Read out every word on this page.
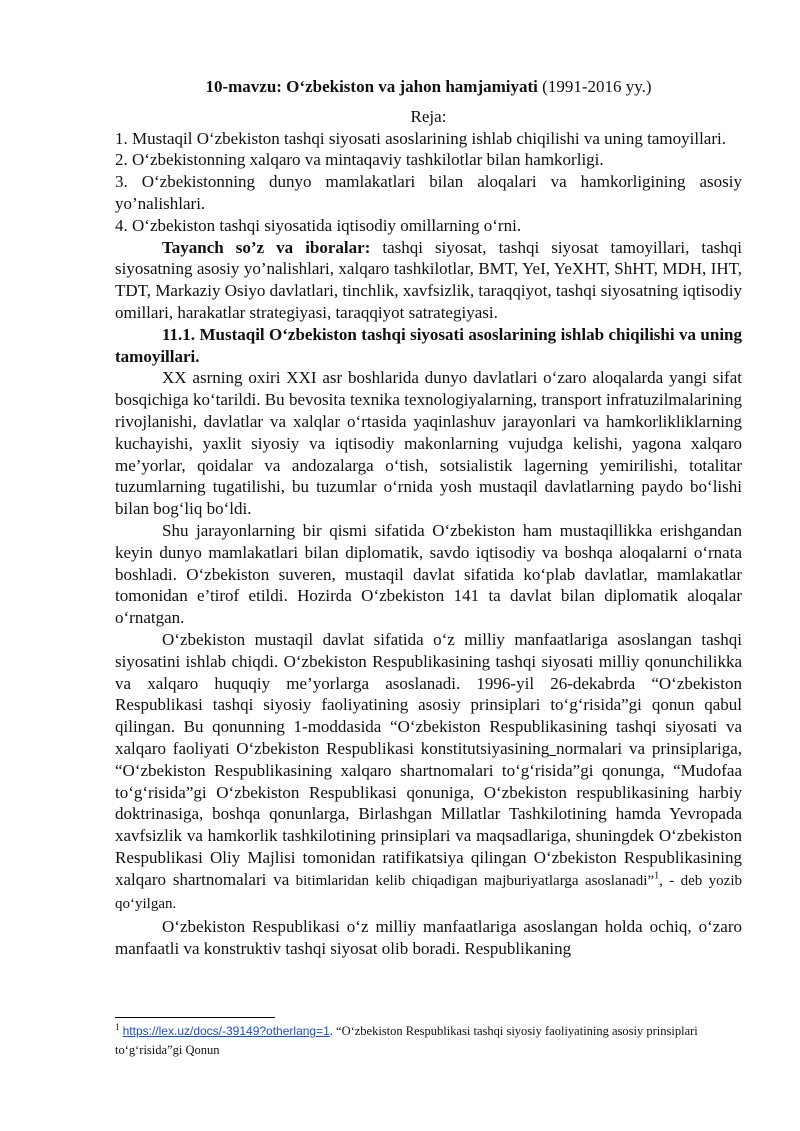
10-mavzu: O‘zbekiston va jahon hamjamiyati (1991-2016 yy.)
Reja:
1. Mustaqil O‘zbekiston tashqi siyosati asoslarining ishlab chiqilishi va uning tamoyillari.
2. O‘zbekistonning xalqaro va mintaqaviy tashkilotlar bilan hamkorligi.
3. O‘zbekistonning dunyo mamlakatlari bilan aloqalari va hamkorligining asosiy yo’nalishlari.
4. O‘zbekiston tashqi siyosatida iqtisodiy omillarning o‘rni.

Tayanch so’z va iboralar: tashqi siyosat, tashqi siyosat tamoyillari, tashqi siyosatning asosiy yo’nalishlari, xalqaro tashkilotlar, BMT, YeI, YeXHT, ShHT, MDH, IHT, TDT, Markaziy Osiyo davlatlari, tinchlik, xavfsizlik, taraqqiyot, tashqi siyosatning iqtisodiy omillari, harakatlar strategiyasi, taraqqiyot satrategiyasi.

11.1. Mustaqil O‘zbekiston tashqi siyosati asoslarining ishlab chiqilishi va uning tamoyillari.

XX asrning oxiri XXI asr boshlarida dunyo davlatlari o‘zaro aloqalarda yangi sifat bosqichiga ko‘tarildi. Bu bevosita texnika texnologiyalarning, transport infratuzilmalarining rivojlanishi, davlatlar va xalqlar o‘rtasida yaqinlashuv jarayonlari va hamkorlikliklarning kuchayishi, yaxlit siyosiy va iqtisodiy makonlarning vujudga kelishi, yagona xalqaro me’yorlar, qoidalar va andozalarga o‘tish, sotsialistik lagerning yemirilishi, totalitar tuzumlarning tugatilishi, bu tuzumlar o‘rnida yosh mustaqil davlatlarning paydo bo‘lishi bilan bog‘liq bo‘ldi.

Shu jarayonlarning bir qismi sifatida O‘zbekiston ham mustaqillikka erishgandan keyin dunyo mamlakatlari bilan diplomatik, savdo iqtisodiy va boshqa aloqalarni o‘rnata boshladi. O‘zbekiston suveren, mustaqil davlat sifatida ko‘plab davlatlar, mamlakatlar tomonidan e’tirof etildi. Hozirda O‘zbekiston 141 ta davlat bilan diplomatik aloqalar o‘rnatgan.

O‘zbekiston mustaqil davlat sifatida o‘z milliy manfaatlariga asoslangan tashqi siyosatini ishlab chiqdi. O‘zbekiston Respublikasining tashqi siyosati milliy qonunchilikka va xalqaro huquqiy me’yorlarga asoslanadi. 1996-yil 26-dekabrda “O‘zbekiston Respublikasi tashqi siyosiy faoliyatining asosiy prinsiplari to‘g‘risida”gi qonun qabul qilingan. Bu qonunning 1-moddasida “O‘zbekiston Respublikasining tashqi siyosati va xalqaro faoliyati O‘zbekiston Respublikasi konstitutsiyasining normalari va prinsiplariga, “O‘zbekiston Respublikasining xalqaro shartnomalari to‘g‘risida”gi qonunga, “Mudofaa to‘g‘risida”gi O‘zbekiston Respublikasi qonuniga, O‘zbekiston respublikasining harbiy doktrinasiga, boshqa qonunlarga, Birlashgan Millatlar Tashkilotining hamda Yevropada xavfsizlik va hamkorlik tashkilotining prinsiplari va maqsadlariga, shuningdek O‘zbekiston Respublikasi Oliy Majlisi tomonidan ratifikatsiya qilingan O‘zbekiston Respublikasining xalqaro shartnomalari va bitimlaridan kelib chiqadigan majburiyatlarga asoslanadi”$^1$, - deb yozib qo‘yilgan.

O‘zbekiston Respublikasi o‘z milliy manfaatlariga asoslangan holda ochiq, o‘zaro manfaatli va konstruktiv tashqi siyosat olib boradi. Respublikaning

$^1$ https://lex.uz/docs/-39149?otherlang=1. “O‘zbekiston Respublikasi tashqi siyosiy faoliyatining asosiy prinsiplari to‘g‘risida”gi Qonun
